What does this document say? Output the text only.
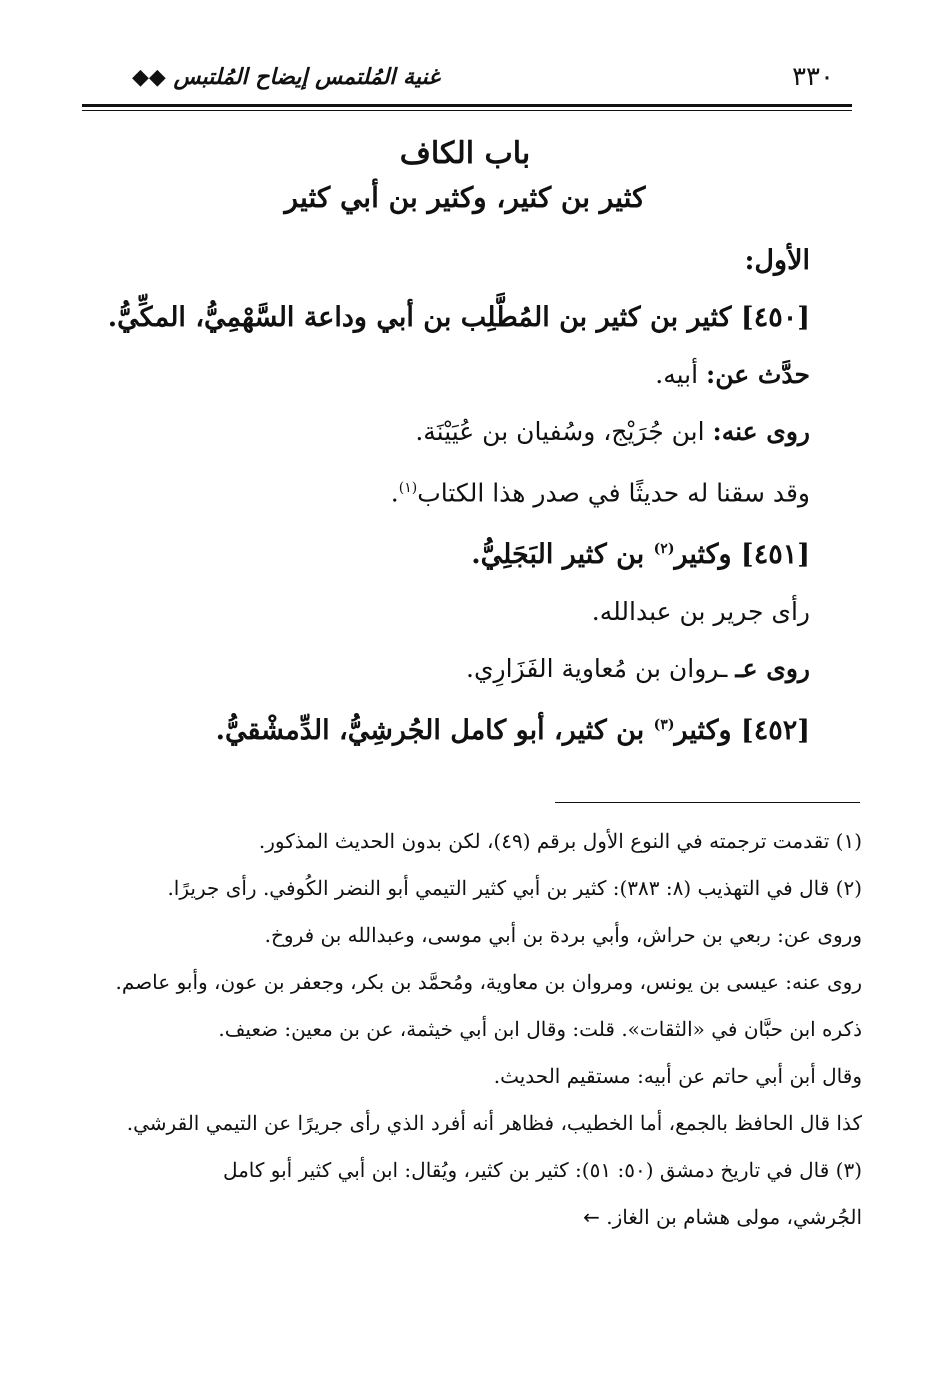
٣٣٠
غنية المُلتمس إيضاح المُلتبس ◆◆
باب الكاف
كثير بن كثير، وكثير بن أبي كثير

الأول:

[٤٥٠] كثير بن كثير بن المُطَّلِب بن أبي وداعة السَّهْمِيُّ، المكِّيُّ.

حدَّث عن: أبيه.

روى عنه: ابن جُرَيْج، وسُفيان بن عُيَيْنَة.

وقد سقنا له حديثًا في صدر هذا الكتاب$^{(١)}$.

[٤٥١] وكثير$^{(٢)}$ بن كثير البَجَلِيُّ.

رأى جرير بن عبدالله.

روى عـ ـروان بن مُعاوية الفَزَارِي.

[٤٥٢] وكثير$^{(٣)}$ بن كثير، أبو كامل الجُرشِيُّ، الدِّمشْقيُّ.

(١) تقدمت ترجمته في النوع الأول برقم (٤٩)، لكن بدون الحديث المذكور.

(٢) قال في التهذيب (٨: ٣٨٣): كثير بن أبي كثير التيمي أبو النضر الكُوفي. رأى جريرًا.

وروى عن: ربعي بن حراش، وأبي بردة بن أبي موسى، وعبدالله بن فروخ.

روى عنه: عيسى بن يونس، ومروان بن معاوية، ومُحمَّد بن بكر، وجعفر بن عون، وأبو عاصم.

ذكره ابن حبَّان في «الثقات». قلت: وقال ابن أبي خيثمة، عن بن معين: ضعيف.

وقال أبن أبي حاتم عن أبيه: مستقيم الحديث.

كذا قال الحافظ بالجمع، أما الخطيب، فظاهر أنه أفرد الذي رأى جريرًا عن التيمي القرشي.

(٣) قال في تاريخ دمشق (٥٠: ٥١): كثير بن كثير، ويُقال: ابن أبي كثير أبو كامل

الجُرشي، مولى هشام بن الغاز. ←
